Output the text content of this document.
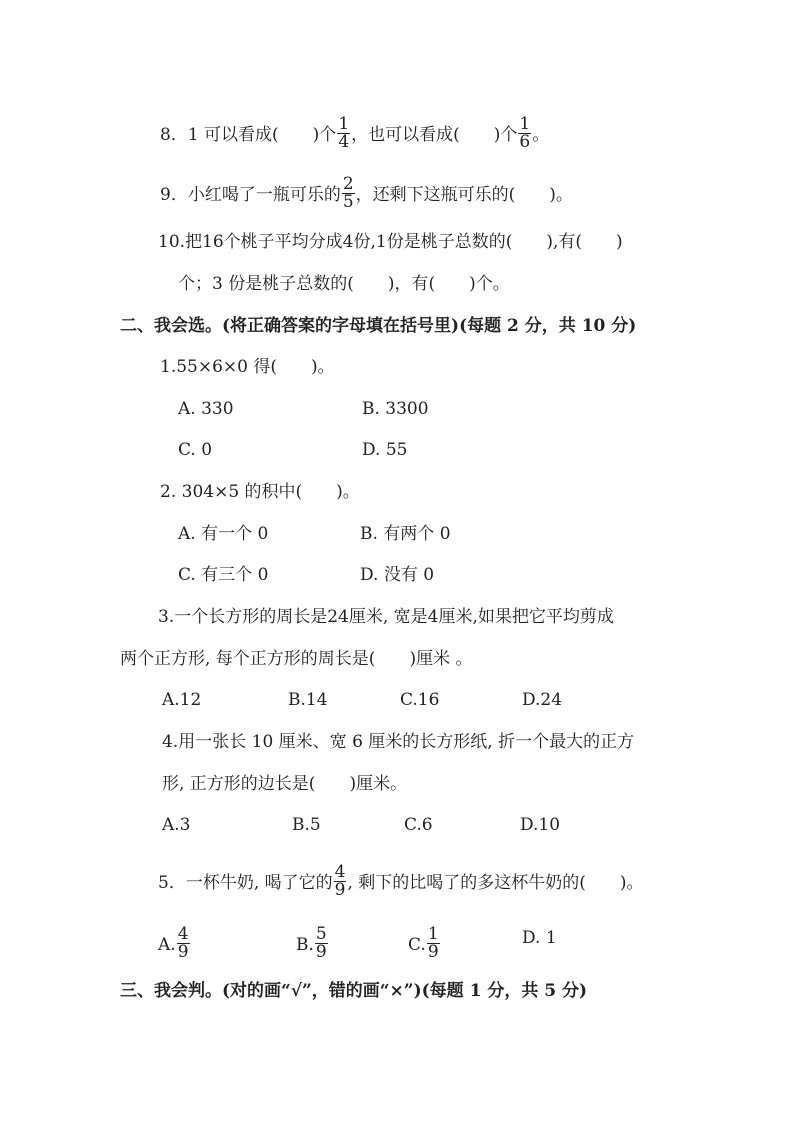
8．1 可以看成(　　)个 $\frac{1}{4}$ ，也可以看成(　　)个 $\frac{1}{6}$ 。
9．小红喝了一瓶可乐的 $\frac{2}{5}$ ，还剩下这瓶可乐的(　　)。
10.把16个桃子平均分成4份,1份是桃子总数的(　　),有(　　)
个；3 份是桃子总数的(　　)，有(　　)个。
二、我会选。(将正确答案的字母填在括号里)(每题 2 分，共 10 分)
1.55×6×0 得(　　)。
A. 330	B. 3300
C. 0	D. 55
2. 304×5 的积中(　　)。
A. 有一个 0	B. 有两个 0
C. 有三个 0	D. 没有 0
3.一个长方形的周长是24厘米, 宽是4厘米,如果把它平均剪成
两个正方形, 每个正方形的周长是(　　)厘米 。
A.12	B.14	C.16	D.24
4.用一张长 10 厘米、宽 6 厘米的长方形纸, 折一个最大的正方
形, 正方形的边长是(　　)厘米。
A.3	B.5	C.6	D.10
5．一杯牛奶, 喝了它的 $\frac{4}{9}$ , 剩下的比喝了的多这杯牛奶的(　　)。
A. $\frac{4}{9}$	B. $\frac{5}{9}$	C. $\frac{1}{9}$	D. 1
三、我会判。(对的画“√”，错的画“×”)(每题 1 分，共 5 分)
